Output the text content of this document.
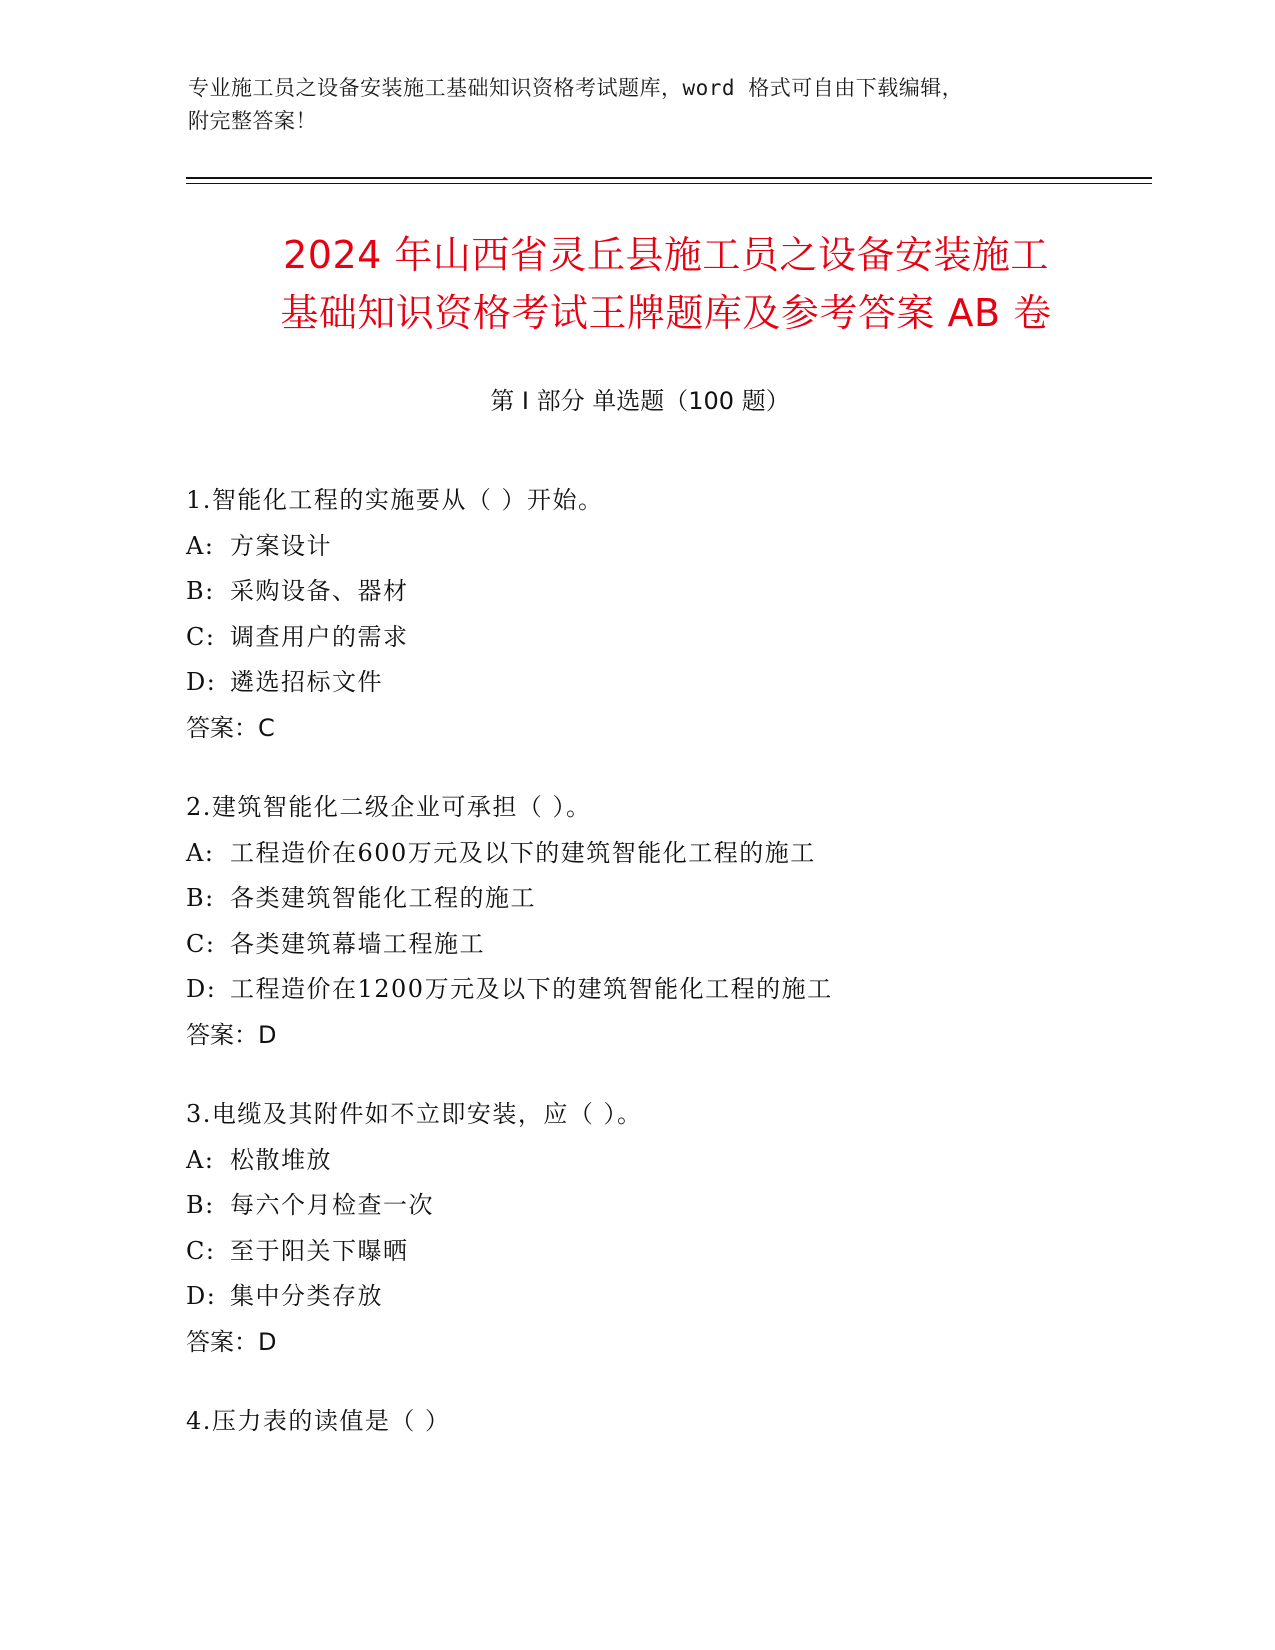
专业施工员之设备安装施工基础知识资格考试题库，word 格式可自由下载编辑，
附完整答案！
2024 年山西省灵丘县施工员之设备安装施工
基础知识资格考试王牌题库及参考答案 AB 卷
第 I 部分 单选题（100 题）
1.智能化工程的实施要从（ ）开始。
A: 方案设计
B: 采购设备、器材
C: 调查用户的需求
D: 遴选招标文件
答案：C
2.建筑智能化二级企业可承担（ ）。
A: 工程造价在600万元及以下的建筑智能化工程的施工
B: 各类建筑智能化工程的施工
C: 各类建筑幕墙工程施工
D: 工程造价在1200万元及以下的建筑智能化工程的施工
答案：D
3.电缆及其附件如不立即安装，应（ ）。
A: 松散堆放
B: 每六个月检查一次
C: 至于阳关下曝晒
D: 集中分类存放
答案：D
4.压力表的读值是（ ）
